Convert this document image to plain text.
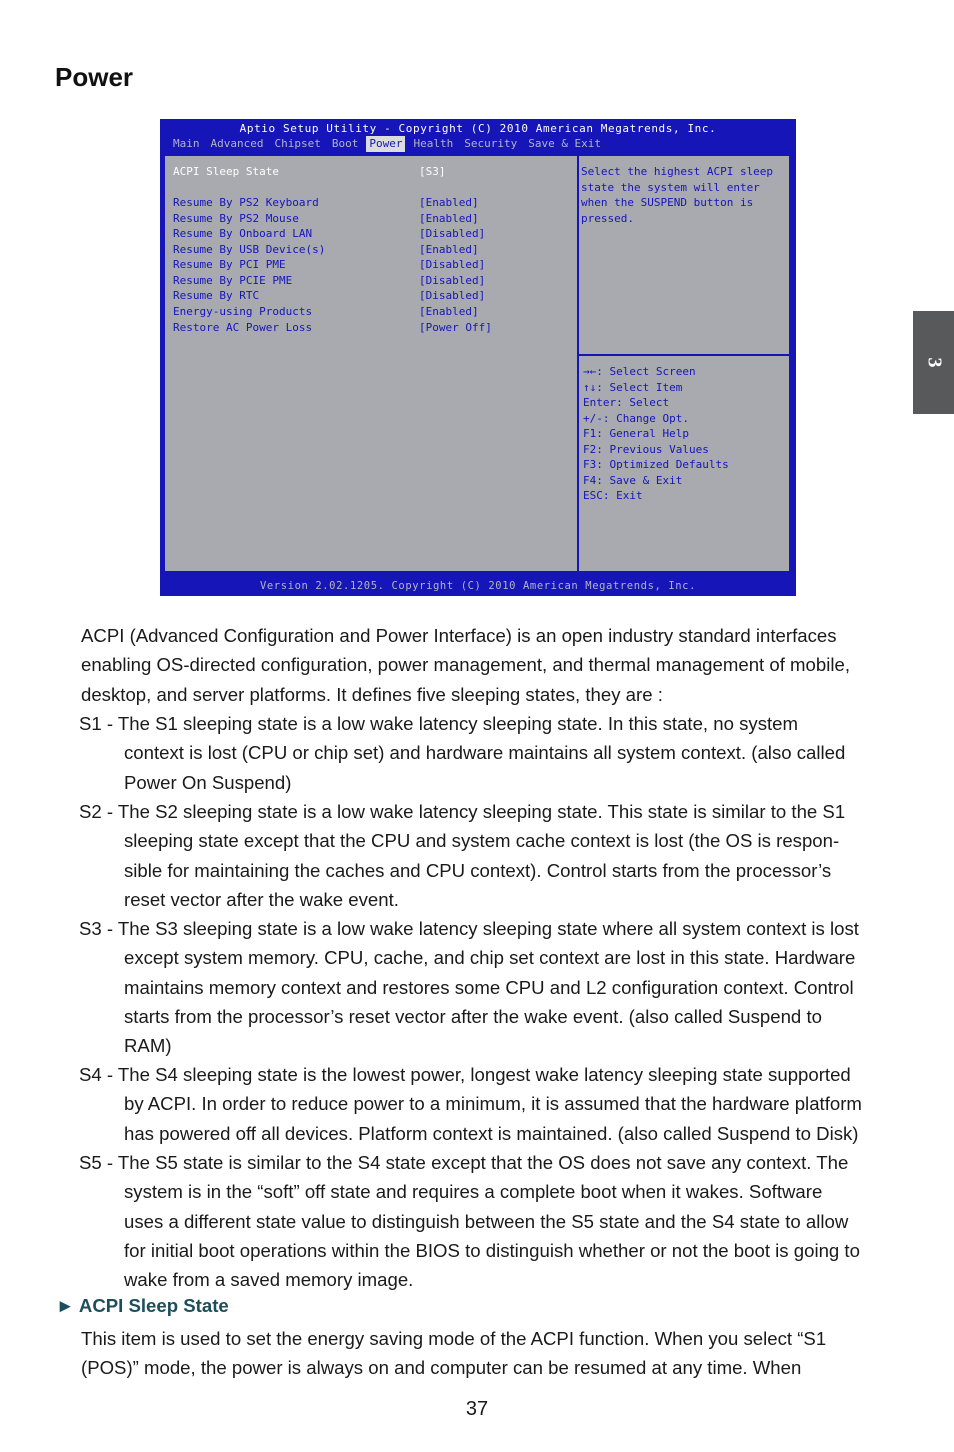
Power
3
Aptio Setup Utility - Copyright (C) 2010 American Megatrends, Inc.
Main Advanced Chipset Boot Power Health Security Save & Exit
ACPI Sleep State	[S3]
Resume By PS2 Keyboard	[Enabled]
Resume By PS2 Mouse	[Enabled]
Resume By Onboard LAN	[Disabled]
Resume By USB Device(s)	[Enabled]
Resume By PCI PME	[Disabled]
Resume By PCIE PME	[Disabled]
Resume By RTC	[Disabled]
Energy-using Products	[Enabled]
Restore AC Power Loss	[Power Off]
Select the highest ACPI sleep
state the system will enter
when the SUSPEND button is
pressed.
→←: Select Screen
↑↓: Select Item
Enter: Select
+/-: Change Opt.
F1: General Help
F2: Previous Values
F3: Optimized Defaults
F4: Save & Exit
ESC: Exit
Version 2.02.1205. Copyright (C) 2010 American Megatrends, Inc.
ACPI (Advanced Configuration and Power Interface) is an open industry standard interfaces
enabling OS-directed configuration, power management, and thermal management of mobile,
desktop, and server platforms. It defines five sleeping states, they are :
S1 - The S1 sleeping state is a low wake latency sleeping state. In this state, no system
context is lost (CPU or chip set) and hardware maintains all system context. (also called
Power On Suspend)
S2 - The S2 sleeping state is a low wake latency sleeping state. This state is similar to the S1
sleeping state except that the CPU and system cache context is lost (the OS is respon-
sible for maintaining the caches and CPU context). Control starts from the processor’s
reset vector after the wake event.
S3 - The S3 sleeping state is a low wake latency sleeping state where all system context is lost
except system memory. CPU, cache, and chip set context are lost in this state. Hardware
maintains memory context and restores some CPU and L2 configuration context. Control
starts from the processor’s reset vector after the wake event. (also called Suspend to
RAM)
S4 - The S4 sleeping state is the lowest power, longest wake latency sleeping state supported
by ACPI. In order to reduce power to a minimum, it is assumed that the hardware platform
has powered off all devices. Platform context is maintained. (also called Suspend to Disk)
S5 - The S5 state is similar to the S4 state except that the OS does not save any context. The
system is in the “soft” off state and requires a complete boot when it wakes. Software
uses a different state value to distinguish between the S5 state and the S4 state to allow
for initial boot operations within the BIOS to distinguish whether or not the boot is going to
wake from a saved memory image.
► ACPI Sleep State
This item is used to set the energy saving mode of the ACPI function. When you select “S1
(POS)” mode, the power is always on and computer can be resumed at any time. When
37
